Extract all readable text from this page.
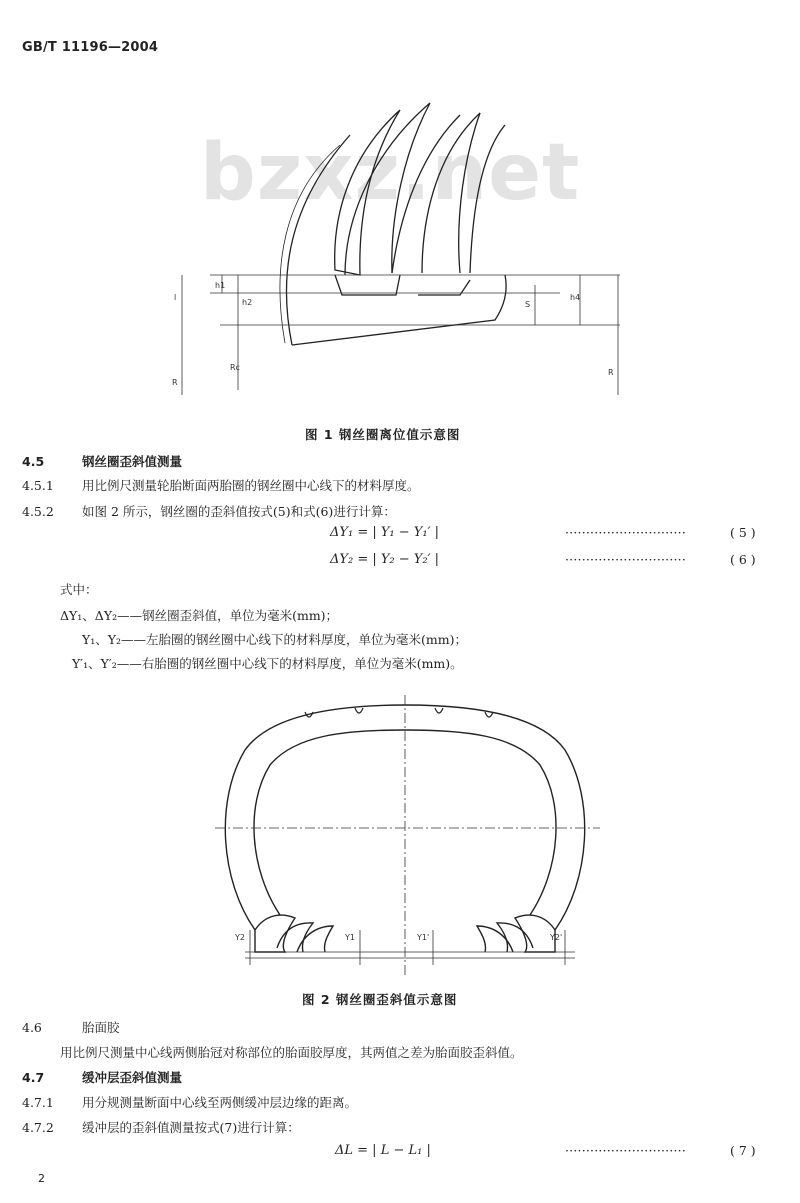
GB/T 11196—2004
bzxz.net
l
h1
h2
R
Rc
S
h4
R
图 1 钢丝圈离位值示意图
4.5	钢丝圈歪斜值测量
4.5.1 用比例尺测量轮胎断面两胎圈的钢丝圈中心线下的材料厚度。
4.5.2 如图 2 所示，钢丝圈的歪斜值按式(5)和式(6)进行计算：
ΔY₁ = | Y₁ − Y₁′ |	·····························	( 5 )
ΔY₂ = | Y₂ − Y₂′ |	·····························	( 6 )
式中：
ΔY₁、ΔY₂——钢丝圈歪斜值，单位为毫米(mm)；
Y₁、Y₂——左胎圈的钢丝圈中心线下的材料厚度，单位为毫米(mm)；
Y′₁、Y′₂——右胎圈的钢丝圈中心线下的材料厚度，单位为毫米(mm)。
Y2	Y1	Y1'	Y2'
图 2 钢丝圈歪斜值示意图
4.6	胎面胶
用比例尺测量中心线两侧胎冠对称部位的胎面胶厚度，其两值之差为胎面胶歪斜值。
4.7	缓冲层歪斜值测量
4.7.1 用分规测量断面中心线至两侧缓冲层边缘的距离。
4.7.2 缓冲层的歪斜值测量按式(7)进行计算：
ΔL = | L − L₁ |	·····························	( 7 )
2
